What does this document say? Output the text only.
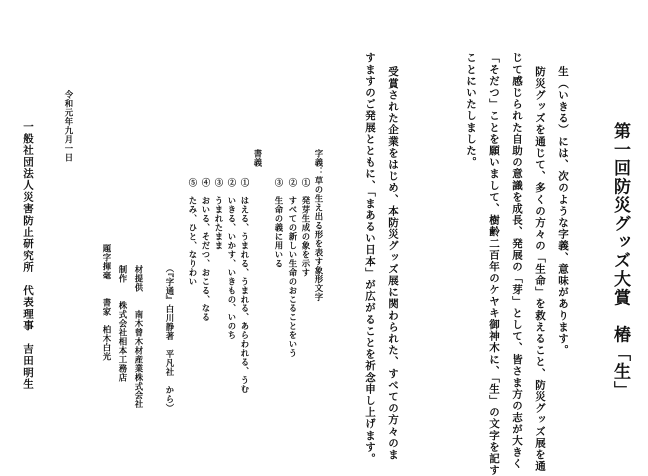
第一回防災グッズ大賞　椿「生」
生（いきる）には、次のような字義、意味があります。
防災グッズを通じて、多くの方々の「生命」を救えること、防災グッズ展を通
じて感じられた自助の意識を成長、発展の「芽」として、皆さま方の志が大きく
「そだつ」ことを願いまして、樹齢二百年のケヤキ御神木に、「生」の文字を記す
ことにいたしました。
受賞された企業をはじめ、本防災グッズ展に関わられた、すべての方々のま
すますのご発展とともに、「まあるい日本」が広がることを祈念申し上げます。
字義：草の生え出る形を表す象形文字
①　発芽生成の象を示す
②　すべての新しい生命のおこることをいう
書義
③　生命の義に用いる
①　はえる、うまれる、うまれる、あらわれる、うむ
②　いきる、いかす、いきもの、いのち
③　うまれたまま
④　おいる、そだつ、おこる、なる
⑤　たみ、ひと、なりわい
（『字通』白川静著　平凡社　から）
材提供　　南木曾木材産業株式会社
制作　　株式会社相本工務店
題字揮毫　　書家　柏木白光
令和元年九月一日
一般社団法人災害防止研究所　代表理事　吉田明生
